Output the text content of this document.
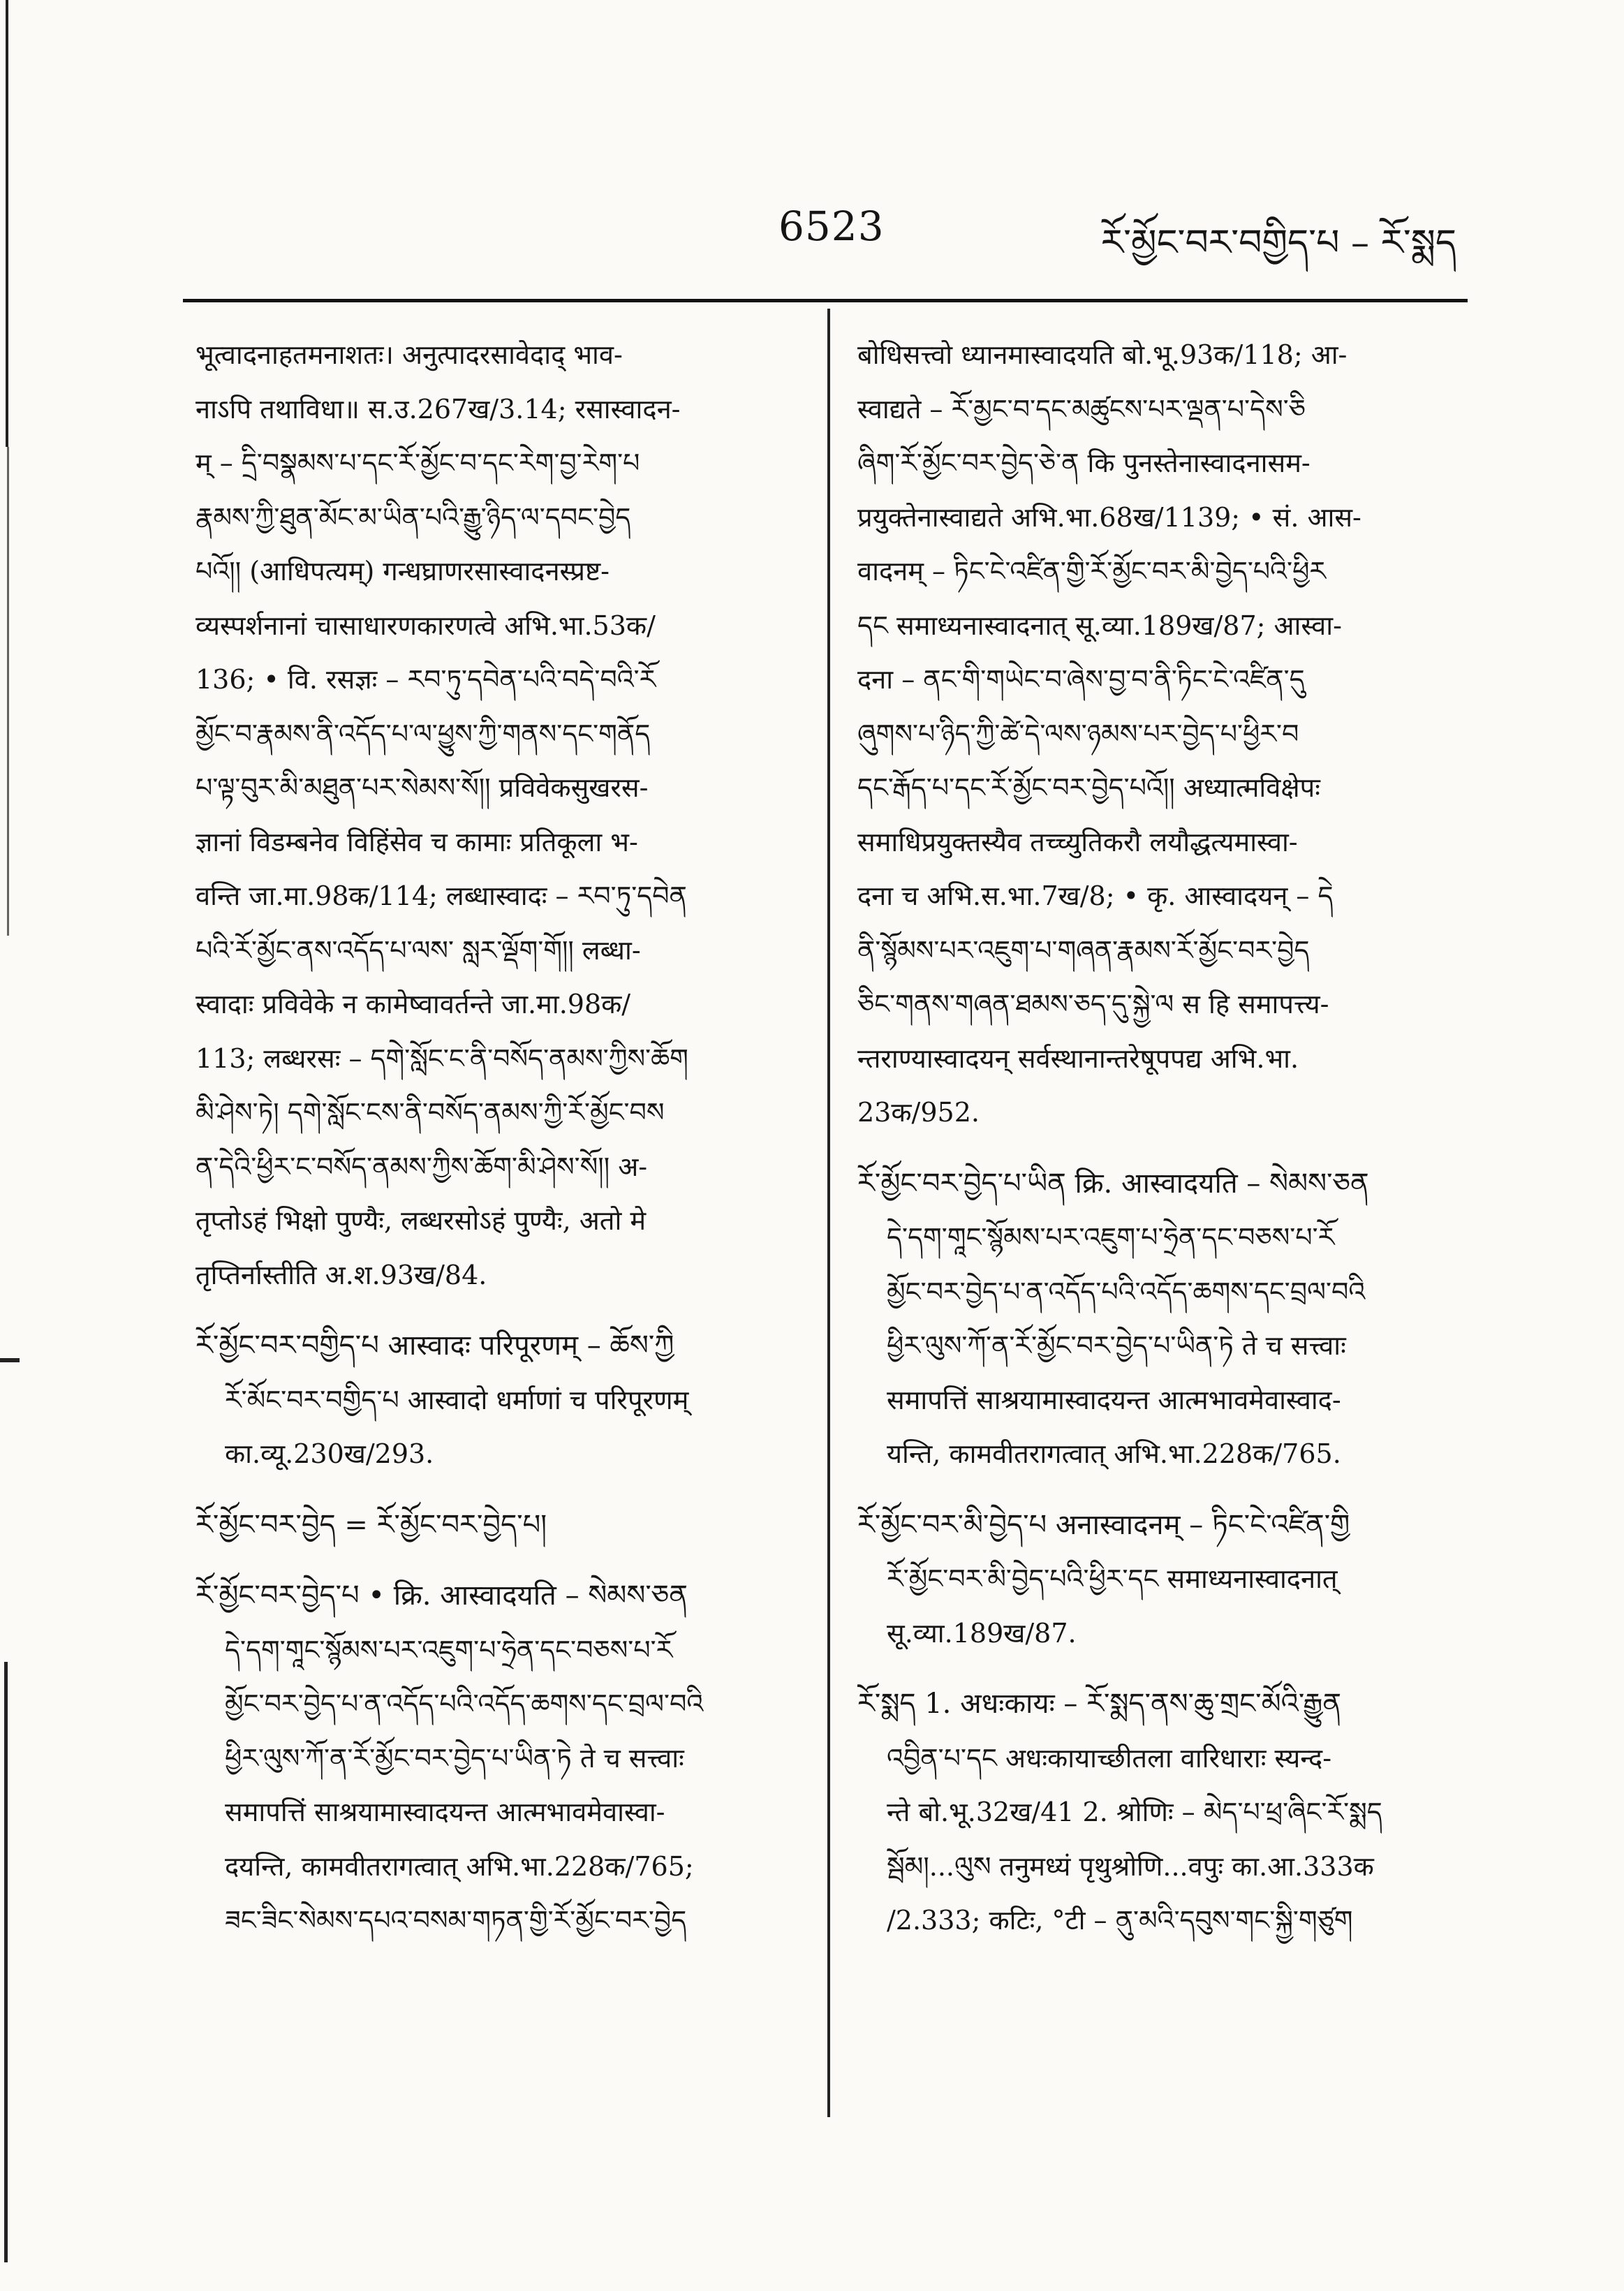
6523	རོ་མྱོང་བར་བགྱིད་པ – རོ་སྨད
भूत्वादनाहतमनाशतः। अनुत्पादरसावेदाद् भाव-
नाऽपि तथाविधा॥ स.उ.267ख/3.14; रसास्वादन-
म् – དྲི་བསྣམས་པ་དང་རོ་མྱོང་བ་དང་རེག་བྱ་རེག་པ
རྣམས་ཀྱི་ཐུན་མོང་མ་ཡིན་པའི་རྒྱུ་ཉིད་ལ་དབང་བྱེད
པའོ།། (आधिपत्यम्) गन्धघ्राणरसास्वादनस्प्रष्ट-
व्यस्पर्शनानां चासाधारणकारणत्वे अभि.भा.53क/
136; • वि. रसज्ञः – རབ་ཏུ་དབེན་པའི་བདེ་བའི་རོ
མྱོང་བ་རྣམས་ནི་འདོད་པ་ལ་ཕྱུས་ཀྱི་གནས་དང་གནོད
པ་ལྟ་བུར་མི་མཐུན་པར་སེམས་སོ།། प्रविवेकसुखरस-
ज्ञानां विडम्बनेव विहिंसेव च कामाः प्रतिकूला भ-
वन्ति जा.मा.98क/114; लब्धास्वादः – རབ་ཏུ་དབེན
པའི་རོ་མྱོང་ནས་འདོད་པ་ལས་ སླར་ལྡོག་གོ།། लब्धा-
स्वादाः प्रविवेके न कामेष्वावर्तन्ते जा.मा.98क/
113; लब्धरसः – དགེ་སློང་ང་ནི་བསོད་ནམས་ཀྱིས་ཆོག
མི་ཤེས་ཏེ། དགེ་སློང་ངས་ནི་བསོད་ནམས་ཀྱི་རོ་མྱོང་བས
ན་དེའི་ཕྱིར་ང་བསོད་ནམས་ཀྱིས་ཆོག་མི་ཤེས་སོ།། अ-
तृप्तोऽहं भिक्षो पुण्यैः, लब्धरसोऽहं पुण्यैः, अतो मे
तृप्तिर्नास्तीति अ.श.93ख/84.
རོ་མྱོང་བར་བགྱིད་པ आस्वादः परिपूरणम् – ཆོས་ཀྱི
རོ་མོང་བར་བགྱིད་པ आस्वादो धर्माणां च परिपूरणम्
का.व्यू.230ख/293.
རོ་མྱོང་བར་བྱེད = རོ་མྱོང་བར་བྱེད་པ།
རོ་མྱོང་བར་བྱེད་པ • क्रि. आस्वादयति – སེམས་ཅན
དེ་དག་གཱང་སྙོམས་པར་འཇུག་པ་ཧྲེན་དང་བཅས་པ་རོ
མྱོང་བར་བྱེད་པ་ན་འདོད་པའི་འདོད་ཆགས་དང་བྲལ་བའི
ཕྱིར་ལུས་ཀོ་ན་རོ་མྱོང་བར་བྱེད་པ་ཡིན་ཏེ ते च सत्त्वाः
समापत्तिं साश्रयामास्वादयन्त आत्मभावमेवास्वा-
दयन्ति, कामवीतरागत्वात् अभि.भा.228क/765;
ཟང་ཟིང་སེམས་དཔའ་བསམ་གཏན་གྱི་རོ་མྱོང་བར་བྱེད
बोधिसत्त्वो ध्यानमास्वादयति बो.भू.93क/118; आ-
स्वाद्यते – རོ་མྱང་བ་དང་མཚུངས་པར་ལྡན་པ་དེས་ཅི
ཞིག་རོ་མྱོང་བར་བྱེད་ཅེ་ན कि पुनस्तेनास्वादनासम-
प्रयुक्तेनास्वाद्यते अभि.भा.68ख/1139; • सं. आस-
वादनम् – ཏིང་ངེ་འཛིན་གྱི་རོ་མྱོང་བར་མི་བྱེད་པའི་ཕྱིར
དང समाध्यनास्वादनात् सू.व्या.189ख/87; आस्वा-
दना – ནང་གི་གཡེང་བ་ཞེས་བྱ་བ་ནི་ཏིང་ངེ་འཛིན་དུ
ཞུགས་པ་ཉིད་ཀྱི་ཚེ་དེ་ལས་ཉམས་པར་བྱེད་པ་ཕྱིར་བ
དང་རྒོད་པ་དང་རོ་མྱོང་བར་བྱེད་པའོ།། अध्यात्मविक्षेपः
समाधिप्रयुक्तस्यैव तच्च्युतिकरौ लयौद्धत्यमास्वा-
दना च अभि.स.भा.7ख/8; • कृ. आस्वादयन् – དེ
ནི་སྙོམས་པར་འཇུག་པ་གཞན་རྣམས་རོ་མྱོང་བར་བྱེད
ཅིང་གནས་གཞན་ཐམས་ཅད་དུ་སྐྱེ་ལ स हि समापत्त्य-
न्तराण्यास्वादयन् सर्वस्थानान्तरेषूपपद्य अभि.भा.
23क/952.
རོ་མྱོང་བར་བྱེད་པ་ཡིན क्रि. आस्वादयति – སེམས་ཅན
དེ་དག་གཱང་སྙོམས་པར་འཇུག་པ་ཧྲེན་དང་བཅས་པ་རོ
མྱོང་བར་བྱེད་པ་ན་འདོད་པའི་འདོད་ཆགས་དང་བྲལ་བའི
ཕྱིར་ལུས་ཀོ་ན་རོ་མྱོང་བར་བྱེད་པ་ཡིན་ཏེ ते च सत्त्वाः
समापत्तिं साश्रयामास्वादयन्त आत्मभावमेवास्वाद-
यन्ति, कामवीतरागत्वात् अभि.भा.228क/765.
རོ་མྱོང་བར་མི་བྱེད་པ अनास्वादनम् – ཏིང་ངེ་འཛིན་གྱི
རོ་མྱོང་བར་མི་བྱེད་པའི་ཕྱིར་དང समाध्यनास्वादनात्
सू.व्या.189ख/87.
རོ་སྨད 1. अधःकायः – རོ་སྨད་ནས་ཆུ་གྲང་མོའི་རྒྱུན
འབྱིན་པ་དང अधःकायाच्छीतला वारिधाराः स्यन्द-
न्ते बो.भू.32ख/41 2. श्रोणिः – མེད་པ་ཕྲ་ཞིང་རོ་སྨད
སྦོམ།...ལུས तनुमध्यं पृथुश्रोणि...वपुः का.आ.333क
/2.333; कटिः, °टी – ནུ་མའི་དབུས་གང་སྐྱི་གཙུག
